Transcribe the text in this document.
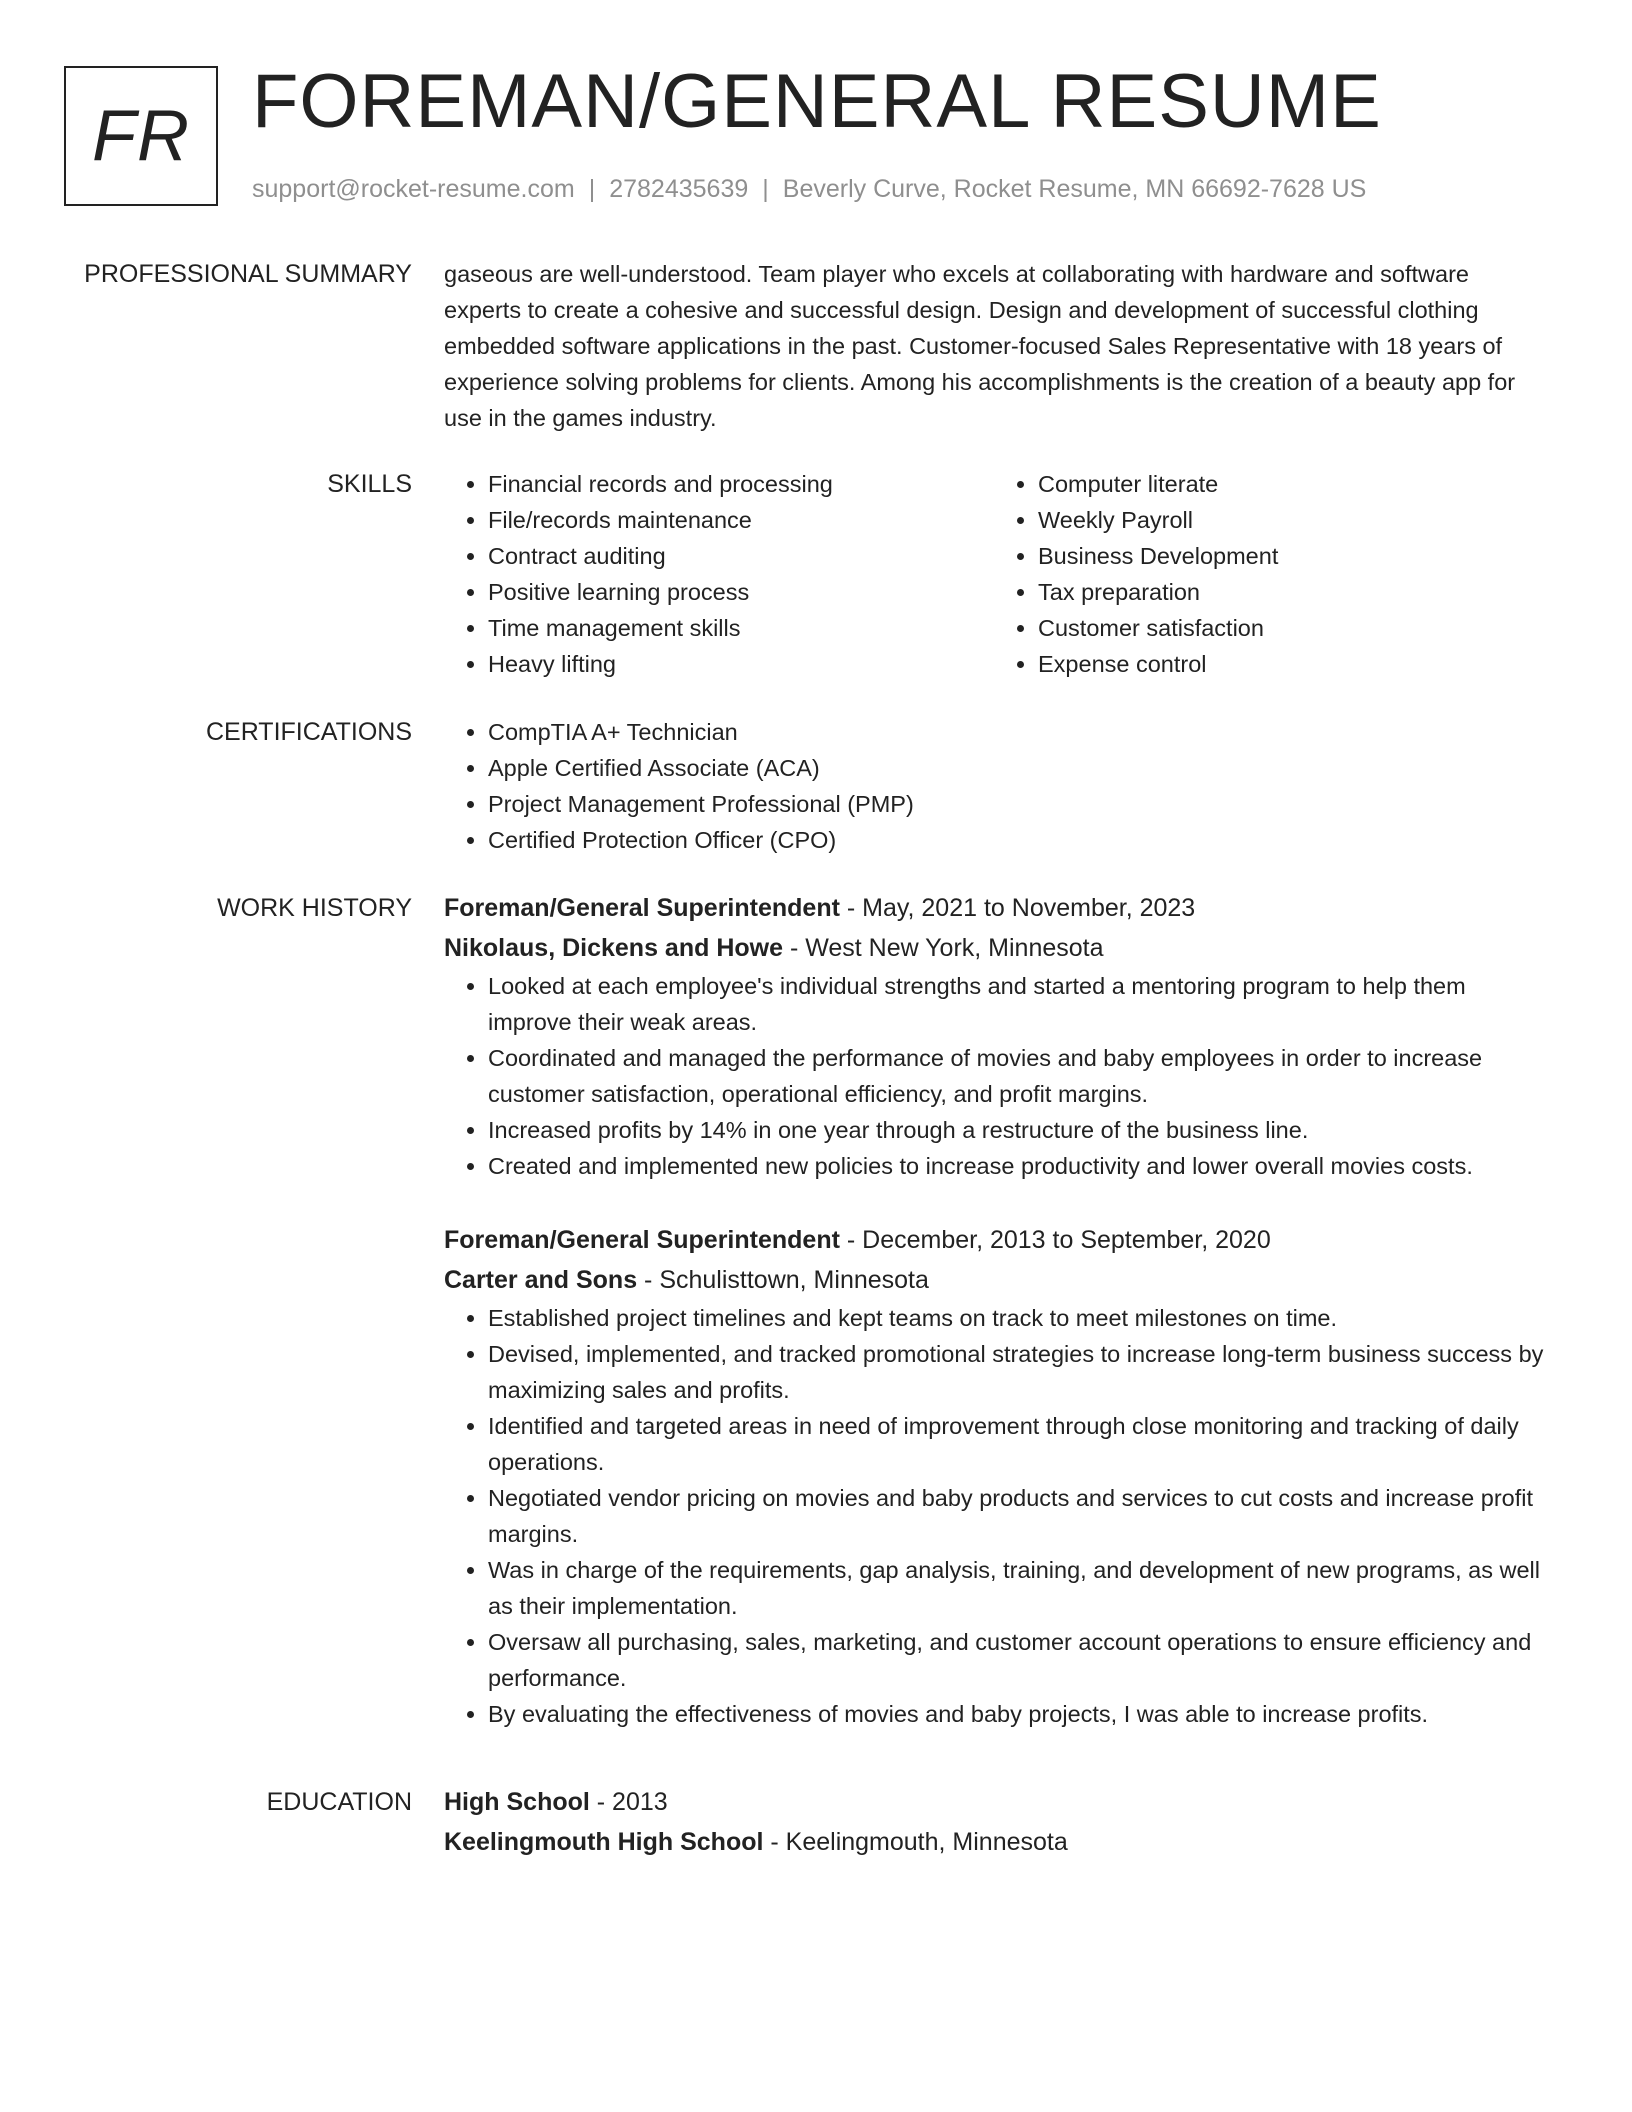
FR FOREMAN/GENERAL RESUME
support@rocket-resume.com | 2782435639 | Beverly Curve, Rocket Resume, MN 66692-7628 US
PROFESSIONAL SUMMARY gaseous are well-understood. Team player who excels at collaborating with hardware and software experts to create a cohesive and successful design. Design and development of successful clothing embedded software applications in the past. Customer-focused Sales Representative with 18 years of experience solving problems for clients. Among his accomplishments is the creation of a beauty app for use in the games industry.
SKILLS	• Financial records and processing
• File/records maintenance
• Contract auditing
• Positive learning process
• Time management skills
• Heavy lifting
• Computer literate
• Weekly Payroll
• Business Development
• Tax preparation
• Customer satisfaction
• Expense control
CERTIFICATIONS	• CompTIA A+ Technician
• Apple Certified Associate (ACA)
• Project Management Professional (PMP)
• Certified Protection Officer (CPO)
WORK HISTORY Foreman/General Superintendent - May, 2021 to November, 2023
Nikolaus, Dickens and Howe - West New York, Minnesota
• Looked at each employee's individual strengths and started a mentoring program to help them improve their weak areas.
• Coordinated and managed the performance of movies and baby employees in order to increase customer satisfaction, operational efficiency, and profit margins.
• Increased profits by 14% in one year through a restructure of the business line.
• Created and implemented new policies to increase productivity and lower overall movies costs.
Foreman/General Superintendent - December, 2013 to September, 2020
Carter and Sons - Schulisttown, Minnesota
• Established project timelines and kept teams on track to meet milestones on time.
• Devised, implemented, and tracked promotional strategies to increase long-term business success by maximizing sales and profits.
• Identified and targeted areas in need of improvement through close monitoring and tracking of daily operations.
• Negotiated vendor pricing on movies and baby products and services to cut costs and increase profit margins.
• Was in charge of the requirements, gap analysis, training, and development of new programs, as well as their implementation.
• Oversaw all purchasing, sales, marketing, and customer account operations to ensure efficiency and performance.
• By evaluating the effectiveness of movies and baby projects, I was able to increase profits.
EDUCATION High School - 2013
Keelingmouth High School - Keelingmouth, Minnesota
